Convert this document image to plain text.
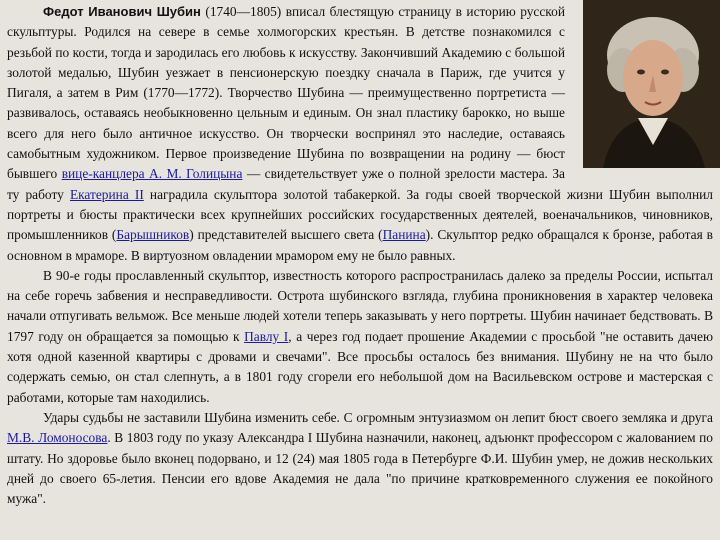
Федот Иванович Шубин (1740—1805) вписал блестящую страницу в историю русской скульптуры. Родился на севере в семье холмогорских крестьян. В детстве познакомился с резьбой по кости, тогда и зародилась его любовь к искусству. Закончивший Академию с большой золотой медалью, Шубин уезжает в пенсионерскую поездку сначала в Париж, где учится у Пигаля, а затем в Рим (1770—1772). Творчество Шубина — преимущественно портретиста — развивалось, оставаясь необыкновенно цельным и единым. Он знал пластику барокко, но выше всего для него было античное искусство. Он творчески воспринял это наследие, оставаясь самобытным художником. Первое произведение Шубина по возвращении на родину — бюст бывшего вице-канцлера А. М. Голицына — свидетельствует уже о полной зрелости мастера. За ту работу Екатерина II наградила скульптора золотой табакеркой. За годы своей творческой жизни Шубин выполнил портреты и бюсты практически всех крупнейших российских государственных деятелей, военачальников, чиновников, промышленников (Барышников) представителей высшего света (Панина). Скульптор редко обращался к бронзе, работая в основном в мраморе. В виртуозном овладении мрамором ему не было равных.

В 90-е годы прославленный скульптор, известность которого распространилась далеко за пределы России, испытал на себе горечь забвения и несправедливости. Острота шубинского взгляда, глубина проникновения в характер человека начали отпугивать вельмож. Все меньше людей хотели теперь заказывать у него портреты. Шубин начинает бедствовать. В 1797 году он обращается за помощью к Павлу I, а через год подает прошение Академии с просьбой "не оставить дачею хотя одной казенной квартиры с дровами и свечами". Все просьбы осталось без внимания. Шубину не на что было содержать семью, он стал слепнуть, а в 1801 году сгорели его небольшой дом на Васильевском острове и мастерская с работами, которые там находились.

Удары судьбы не заставили Шубина изменить себе. С огромным энтузиазмом он лепит бюст своего земляка и друга М.В. Ломоносова. В 1803 году по указу Александра I Шубина назначили, наконец, адъюнкт профессором с жалованием по штату. Но здоровье было вконец подорвано, и 12 (24) мая 1805 года в Петербурге Ф.И. Шубин умер, не дожив нескольких дней до своего 65-летия. Пенсии его вдове Академия не дала "по причине кратковременного служения ее покойного мужа".
